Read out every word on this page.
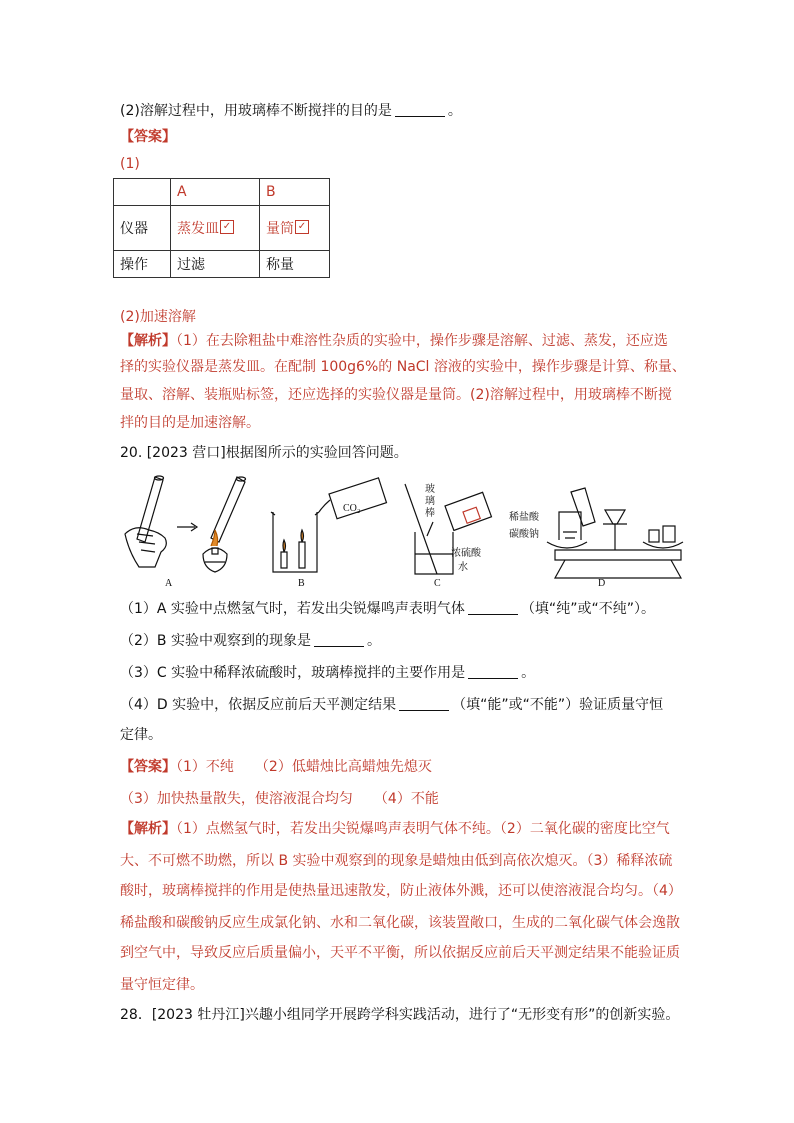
(2)溶解过程中，用玻璃棒不断搅拌的目的是	。
【答案】
(1)
	A	B
仪器	蒸发皿 ✓	量筒 ✓
操作	过滤	称量
(2)加速溶解
【解析】（1）在去除粗盐中难溶性杂质的实验中，操作步骤是溶解、过滤、蒸发，还应选
择的实验仪器是蒸发皿。在配制 100g6%的 NaCl 溶液的实验中，操作步骤是计算、称量、
量取、溶解、装瓶贴标签，还应选择的实验仪器是量筒。(2)溶解过程中，用玻璃棒不断搅
拌的目的是加速溶解。
20. [2023 营口]根据图所示的实验回答问题。
A	B	C	D
CO₂
玻
璃
棒
浓硫酸
水
稀盐酸
碳酸钠
（1）A 实验中点燃氢气时，若发出尖锐爆鸣声表明气体	（填“纯”或“不纯”）。
（2）B 实验中观察到的现象是	。
（3）C 实验中稀释浓硫酸时，玻璃棒搅拌的主要作用是	。
（4）D 实验中，依据反应前后天平测定结果	（填“能”或“不能”）验证质量守恒
定律。
【答案】（1）不纯　　（2）低蜡烛比高蜡烛先熄灭
（3）加快热量散失，使溶液混合均匀　　（4）不能
【解析】（1）点燃氢气时，若发出尖锐爆鸣声表明气体不纯。（2）二氧化碳的密度比空气
大、不可燃不助燃，所以 B 实验中观察到的现象是蜡烛由低到高依次熄灭。（3）稀释浓硫
酸时，玻璃棒搅拌的作用是使热量迅速散发，防止液体外溅，还可以使溶液混合均匀。（4）
稀盐酸和碳酸钠反应生成氯化钠、水和二氧化碳，该装置敞口，生成的二氧化碳气体会逸散
到空气中，导致反应后质量偏小，天平不平衡，所以依据反应前后天平测定结果不能验证质
量守恒定律。
28．[2023 牡丹江]兴趣小组同学开展跨学科实践活动，进行了“无形变有形”的创新实验。
